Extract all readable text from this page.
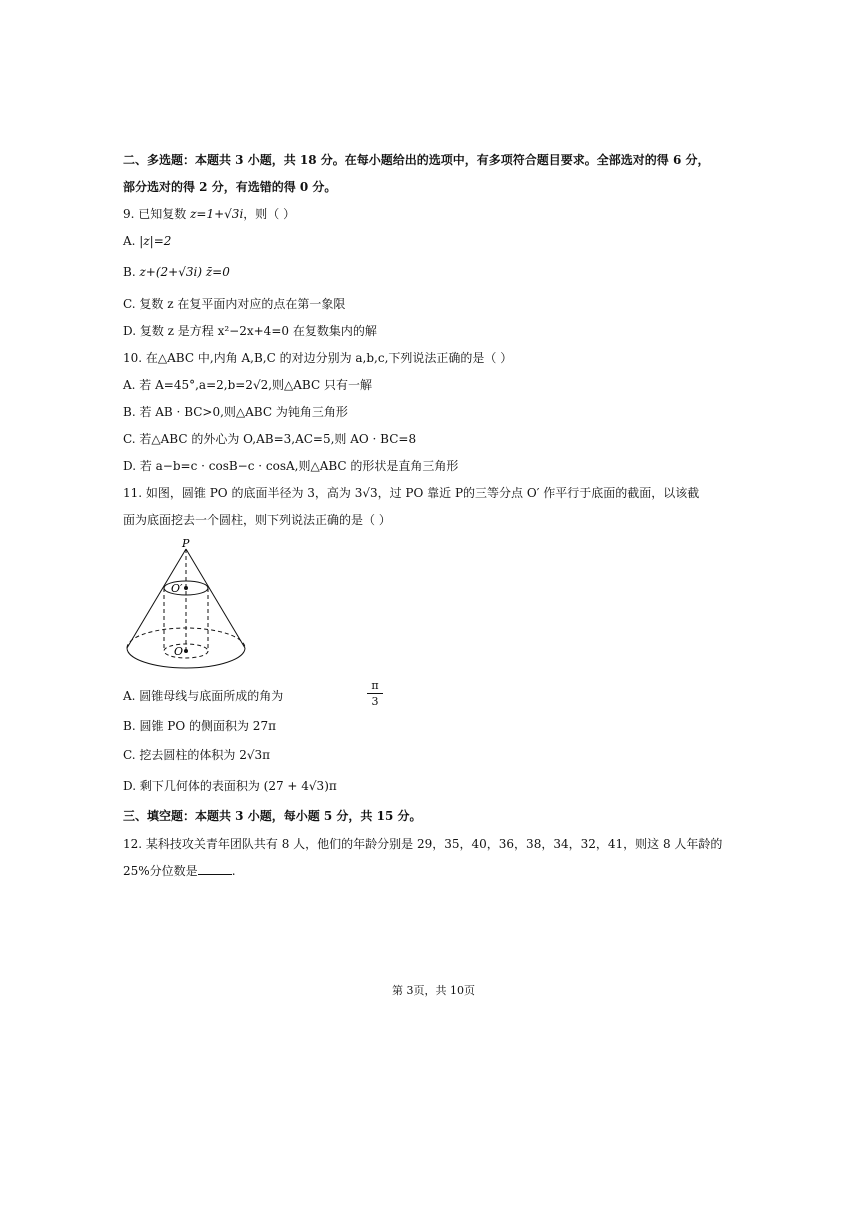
二、多选题：本题共 3 小题，共 18 分。在每小题给出的选项中，有多项符合题目要求。全部选对的得 6 分，
部分选对的得 2 分，有选错的得 0 分。
9. 已知复数 z=1+√3i，则（ ）
A. |z|=2
B. z+(2+√3i) z̄=0
C. 复数 z 在复平面内对应的点在第一象限
D. 复数 z 是方程 x²−2x+4=0 在复数集内的解
10. 在△ABC 中,内角 A,B,C 的对边分别为 a,b,c,下列说法正确的是（ ）
A. 若 A=45°,a=2,b=2√2,则△ABC 只有一解
B. 若 AB · BC>0,则△ABC 为钝角三角形
C. 若△ABC 的外心为 O,AB=3,AC=5,则 AO · BC=8
D. 若 a−b=c · cosB−c · cosA,则△ABC 的形状是直角三角形
11. 如图，圆锥 PO 的底面半径为 3，高为 3√3，过 PO 靠近 P的三等分点 O′ 作平行于底面的截面，以该截
面为底面挖去一个圆柱，则下列说法正确的是（ ）
P
O′
O
A. 圆锥母线与底面所成的角为
π
3
B. 圆锥 PO 的侧面积为 27π
C. 挖去圆柱的体积为 2√3π
D. 剩下几何体的表面积为 (27 + 4√3)π
三、填空题：本题共 3 小题，每小题 5 分，共 15 分。
12. 某科技攻关青年团队共有 8 人，他们的年龄分别是 29，35，40，36，38，34，32，41，则这 8 人年龄的
25%分位数是	.
第 3页，共 10页
